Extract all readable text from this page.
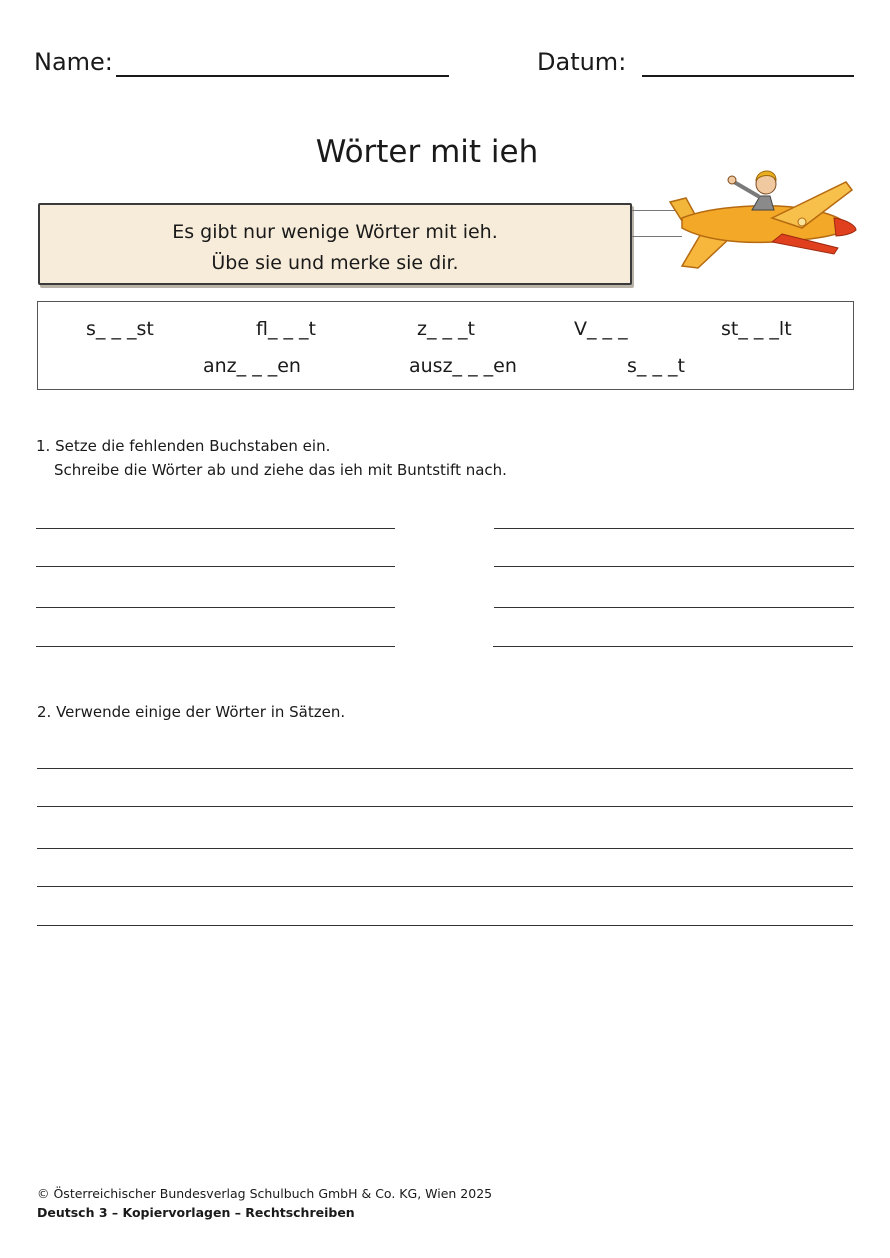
Name:	Datum:
Wörter mit ieh
Es gibt nur wenige Wörter mit ieh.
Übe sie und merke sie dir.
s_ _ _st	fl_ _ _t	z_ _ _t	V_ _ _	st_ _ _lt
anz_ _ _en	ausz_ _ _en	s_ _ _t
1. Setze die fehlenden Buchstaben ein.
Schreibe die Wörter ab und ziehe das ieh mit Buntstift nach.
2. Verwende einige der Wörter in Sätzen.
© Österreichischer Bundesverlag Schulbuch GmbH & Co. KG, Wien 2025
Deutsch 3 – Kopiervorlagen – Rechtschreiben
